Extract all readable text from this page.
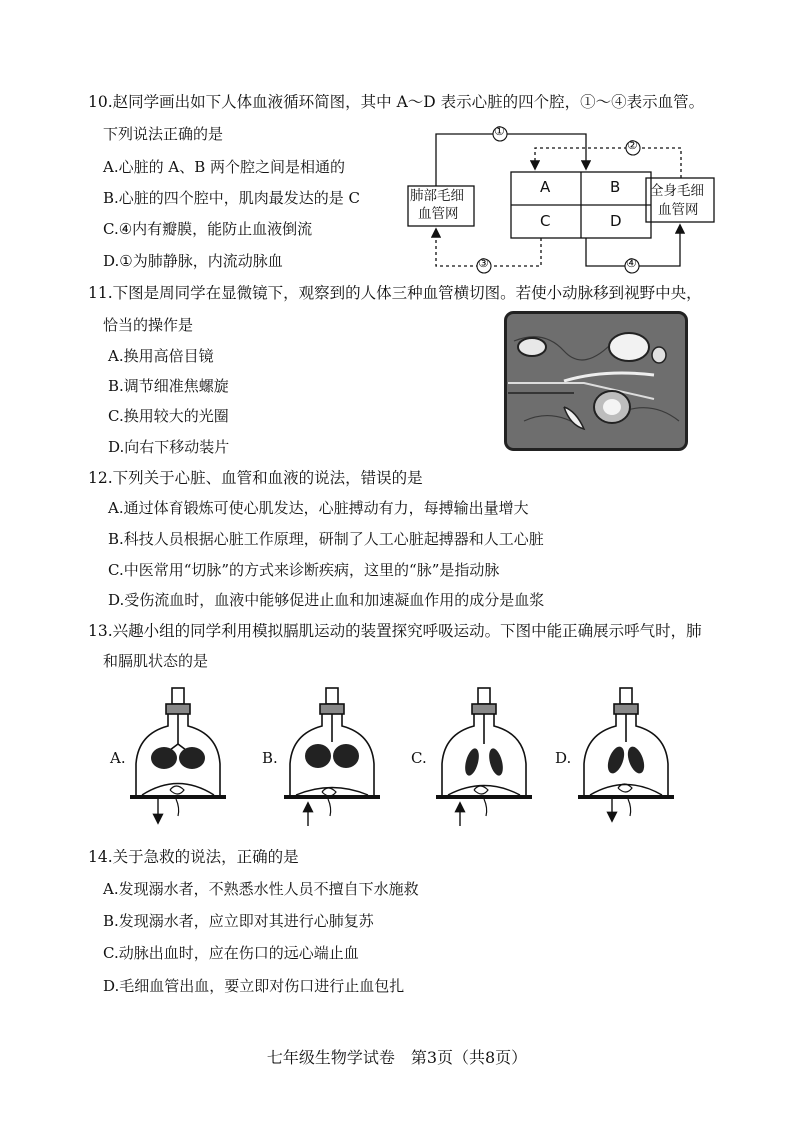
10.赵同学画出如下人体血液循环简图，其中 A～D 表示心脏的四个腔，①～④表示血管。
下列说法正确的是
A.心脏的 A、B 两个腔之间是相通的
B.心脏的四个腔中，肌肉最发达的是 C
C.④内有瓣膜，能防止血液倒流
D.①为肺静脉，内流动脉血
①
②
③	④
肺部毛细
血管网
全身毛细
血管网
A	B
C	D
11.下图是周同学在显微镜下，观察到的人体三种血管横切图。若使小动脉移到视野中央，
恰当的操作是
A.换用高倍目镜
B.调节细准焦螺旋
C.换用较大的光圈
D.向右下移动装片
12.下列关于心脏、血管和血液的说法，错误的是
A.通过体育锻炼可使心肌发达，心脏搏动有力，每搏输出量增大
B.科技人员根据心脏工作原理，研制了人工心脏起搏器和人工心脏
C.中医常用“切脉”的方式来诊断疾病，这里的“脉”是指动脉
D.受伤流血时，血液中能够促进止血和加速凝血作用的成分是血浆
13.兴趣小组的同学利用模拟膈肌运动的装置探究呼吸运动。下图中能正确展示呼气时，肺
和膈肌状态的是
A.	B.	C.	D.
14.关于急救的说法，正确的是
A.发现溺水者，不熟悉水性人员不擅自下水施救
B.发现溺水者，应立即对其进行心肺复苏
C.动脉出血时，应在伤口的远心端止血
D.毛细血管出血，要立即对伤口进行止血包扎
七年级生物学试卷　第3页（共8页）
